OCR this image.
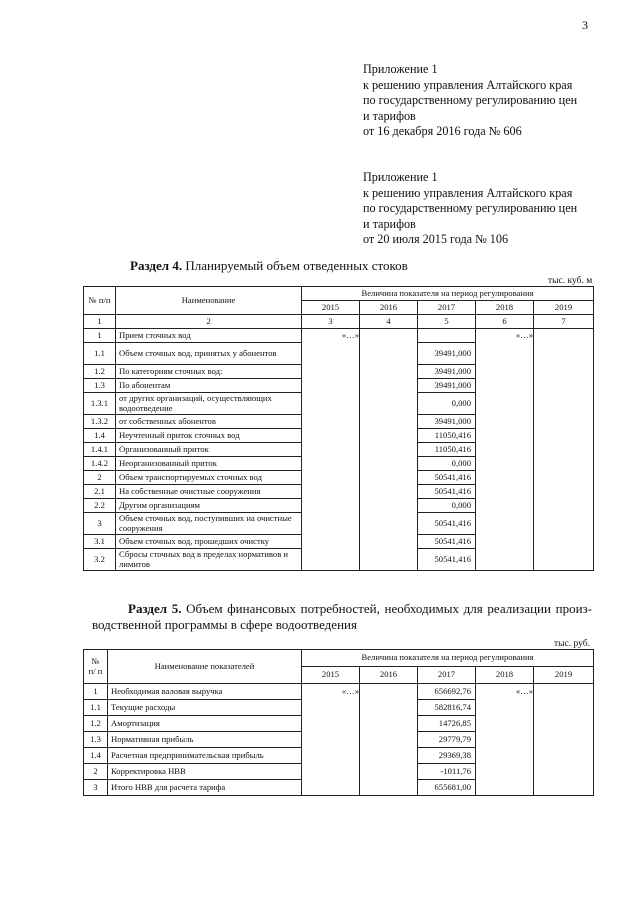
3
Приложение 1
к решению управления Алтайского края
по государственному регулированию цен
и тарифов
от 16 декабря 2016 года № 606
Приложение 1
к решению управления Алтайского края
по государственному регулированию цен
и тарифов
от 20 июля 2015 года № 106
Раздел 4. Планируемый объем отведенных стоков
тыс. куб. м
№ п/п	Наименование	Величина показателя на период регулирования				
		2015	2016	2017	2018	2019
1	2	3	4	5	6	7
1	Прием сточных вод	«…»			«…»	
1.1	Объем сточных вод, принятых у абонентов			39491,000		
1.2	По категориям сточных вод:			39491,000		
1.3	По абонентам			39491,000		
1.3.1	от других организаций, осуществляющих водоотведение			0,000		
1.3.2	от собственных абонентов			39491,000		
1.4	Неучтенный приток сточных вод			11050,416		
1.4.1	Организованный приток			11050,416		
1.4.2	Неорганизованный приток			0,000		
2	Объем транспортируемых сточных вод			50541,416		
2.1	На собственные очистные сооружения			50541,416		
2.2	Другим организациям			0,000		
3	Объем сточных вод, поступивших на очистные сооружения			50541,416		
3.1	Объем сточных вод, прошедших очистку			50541,416		
3.2	Сбросы сточных вод в пределах нормативов и лимитов			50541,416		
Раздел 5. Объем финансовых потребностей, необходимых для реализации произ-
водственной программы в сфере водоотведения
тыс. руб.
№ п/ п	Наименование показателей	Величина показателя на период регулирования				
		2015	2016	2017	2018	2019
1	Необходимая валовая выручка	«…»		656692,76	«…»	
1.1	Текущие расходы			582816,74		
1.2	Амортизация			14726,85		
1.3	Нормативная прибыль			29779,79		
1.4	Расчетная предпринимательская прибыль			29369,38		
2	Корректировка НВВ			-1011,76		
3	Итого НВВ для расчета тарифа			655681,00		
